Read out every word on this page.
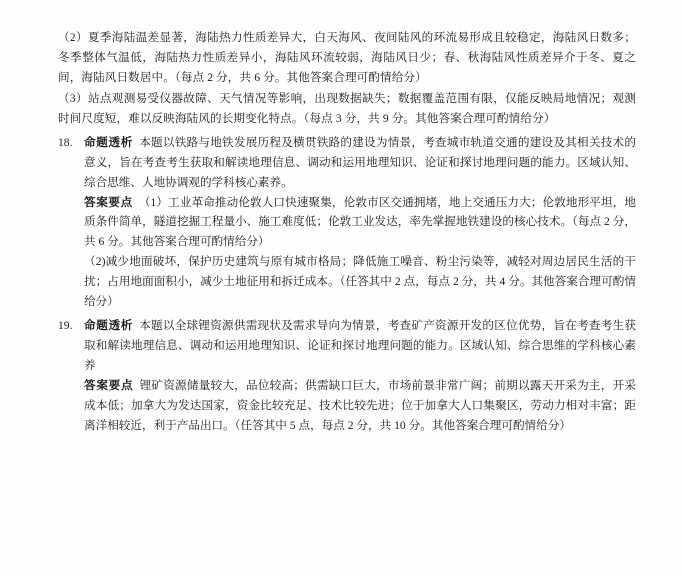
（2）夏季海陆温差显著，海陆热力性质差异大，白天海风、夜间陆风的环流易形成且较稳定，海陆风日数多；冬季整体气温低，海陆热力性质差异小，海陆风环流较弱，海陆风日少；春、秋海陆风性质差异介于冬、夏之间，海陆风日数居中。（每点 2 分，共 6 分。其他答案合理可酌情给分）

（3）站点观测易受仪器故障、天气情况等影响，出现数据缺失；数据覆盖范围有限，仅能反映局地情况；观测时间尺度短，难以反映海陆风的长期变化特点。（每点 3 分，共 9 分。其他答案合理可酌情给分）

18. 命题透析 本题以铁路与地铁发展历程及横贯铁路的建设为情景，考查城市轨道交通的建设及其相关技术的意义，旨在考查考生获取和解读地理信息、调动和运用地理知识、论证和探讨地理问题的能力。区域认知、综合思维、人地协调观的学科核心素养。

答案要点 （1）工业革命推动伦敦人口快速聚集，伦敦市区交通拥堵，地上交通压力大；伦敦地形平坦，地质条件简单，隧道挖掘工程量小、施工难度低；伦敦工业发达，率先掌握地铁建设的核心技术。（每点 2 分，共 6 分。其他答案合理可酌情给分）

（2)减少地面破坏，保护历史建筑与原有城市格局；降低施工噪音、粉尘污染等，减轻对周边居民生活的干扰；占用地面面积小，减少土地征用和拆迁成本。（任答其中 2 点，每点 2 分，共 4 分。其他答案合理可酌情给分）

19. 命题透析 本题以全球锂资源供需现状及需求导向为情景，考查矿产资源开发的区位优势，旨在考查考生获取和解读地理信息、调动和运用地理知识、论证和探讨地理问题的能力。区域认知、综合思维的学科核心素养

答案要点 锂矿资源储量较大，品位较高；供需缺口巨大，市场前景非常广阔；前期以露天开采为主，开采成本低；加拿大为发达国家，资金比较充足、技术比较先进；位于加拿大人口集聚区，劳动力相对丰富；距离洋相较近，利于产品出口。（任答其中 5 点，每点 2 分，共 10 分。其他答案合理可酌情给分）
